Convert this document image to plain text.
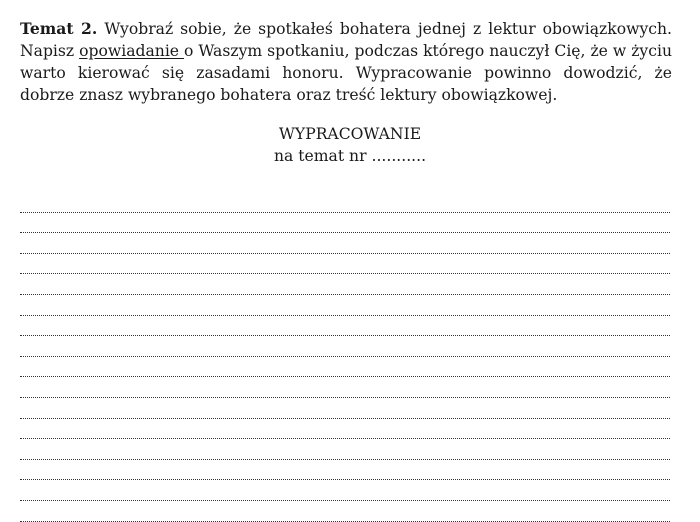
Temat 2. Wyobraź sobie, że spotkałeś bohatera jednej z lektur obowiązkowych. Napisz opowiadanie o Waszym spotkaniu, podczas którego nauczył Cię, że w życiu warto kierować się zasadami honoru. Wypracowanie powinno dowodzić, że dobrze znasz wybranego bohatera oraz treść lektury obowiązkowej.

WYPRACOWANIE

na temat nr ...........
